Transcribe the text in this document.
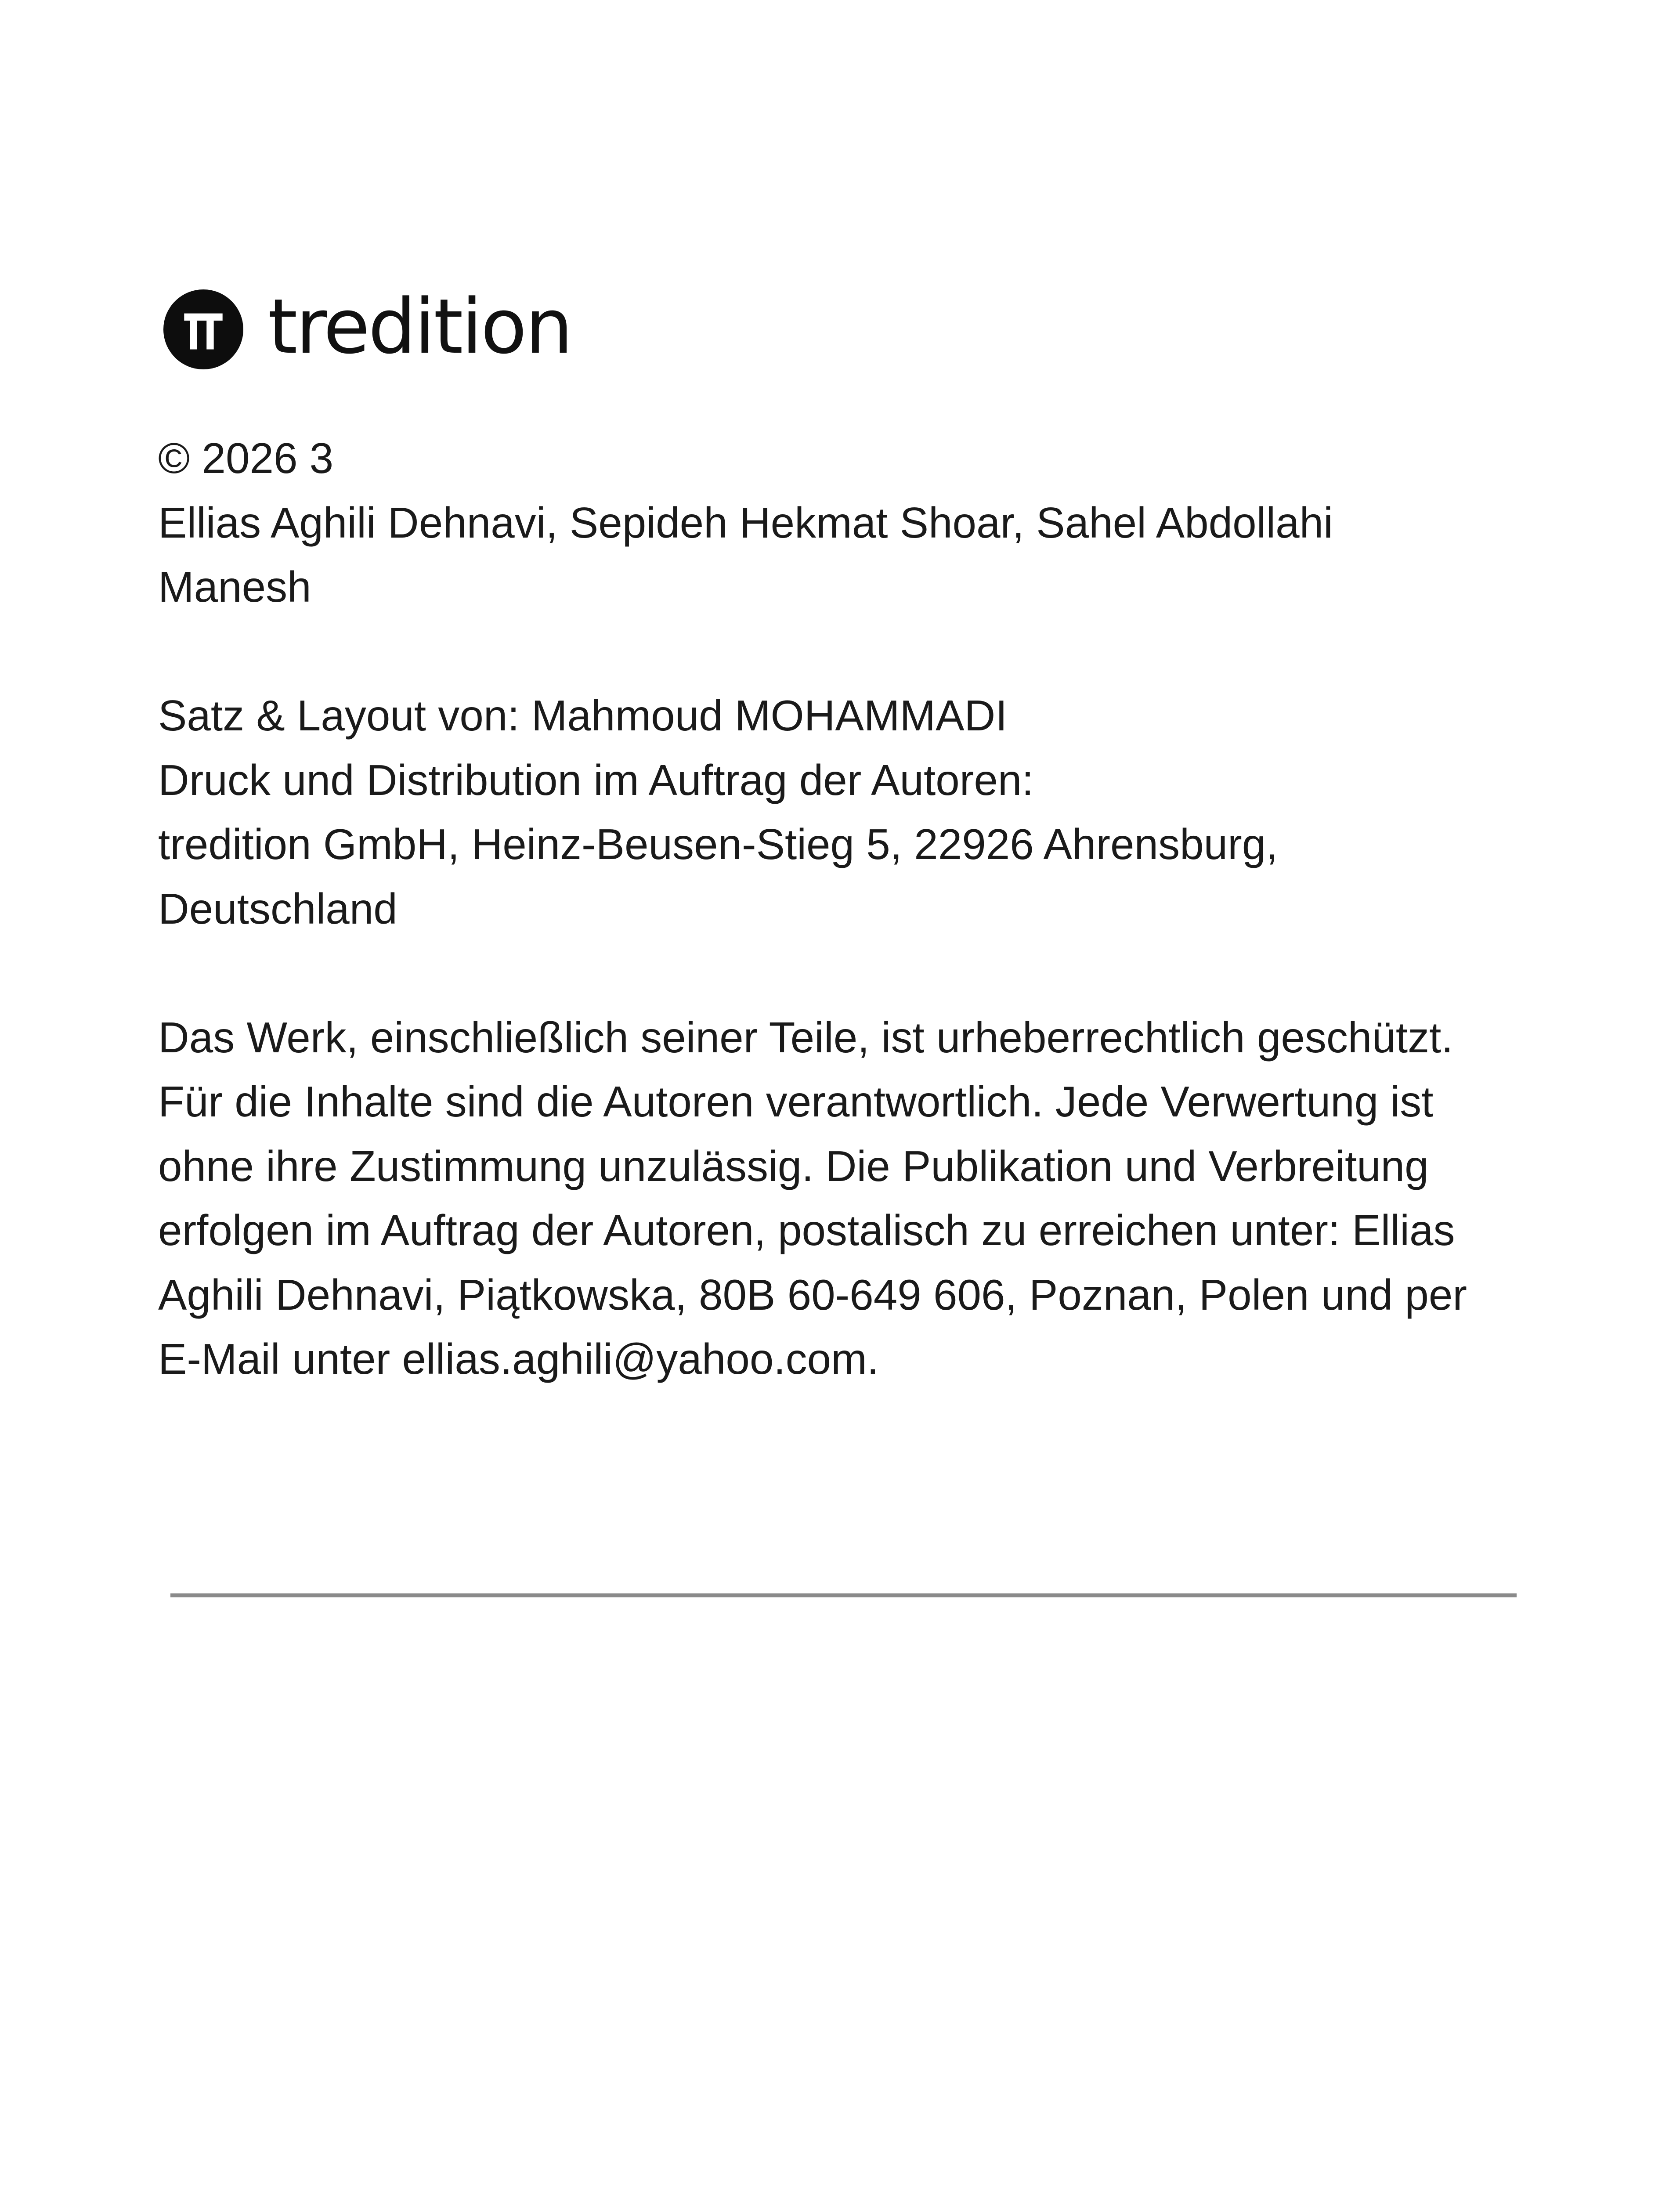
tredition
© 2026 3
Ellias Aghili Dehnavi, Sepideh Hekmat Shoar, Sahel Abdollahi
Manesh
Satz & Layout von: Mahmoud MOHAMMADI
Druck und Distribution im Auftrag der Autoren:
tredition GmbH, Heinz-Beusen-Stieg 5, 22926 Ahrensburg,
Deutschland
Das Werk, einschließlich seiner Teile, ist urheberrechtlich geschützt.
Für die Inhalte sind die Autoren verantwortlich. Jede Verwertung ist
ohne ihre Zustimmung unzulässig. Die Publikation und Verbreitung
erfolgen im Auftrag der Autoren, postalisch zu erreichen unter: Ellias
Aghili Dehnavi, Piątkowska, 80B 60-649 606, Poznan, Polen und per
E-Mail unter ellias.aghili@yahoo.com.
